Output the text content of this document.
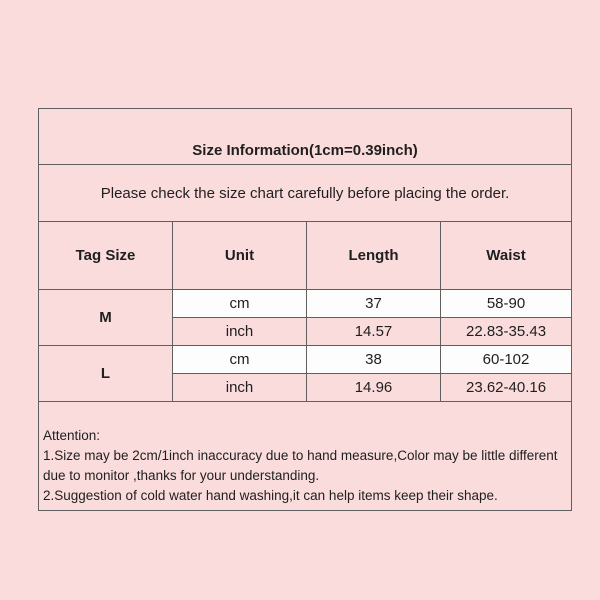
Size Information(1cm=0.39inch)			
Please check the size chart carefully before placing the order.			
Tag Size	Unit	Length	Waist
M	cm	37	58-90
	inch	14.57	22.83-35.43
L	cm	38	60-102
	inch	14.96	23.62-40.16

Attention:
1.Size may be 2cm/1inch inaccuracy due to hand measure,Color may be little different due to monitor ,thanks for your understanding.
2.Suggestion of cold water hand washing,it can help items keep their shape.			
